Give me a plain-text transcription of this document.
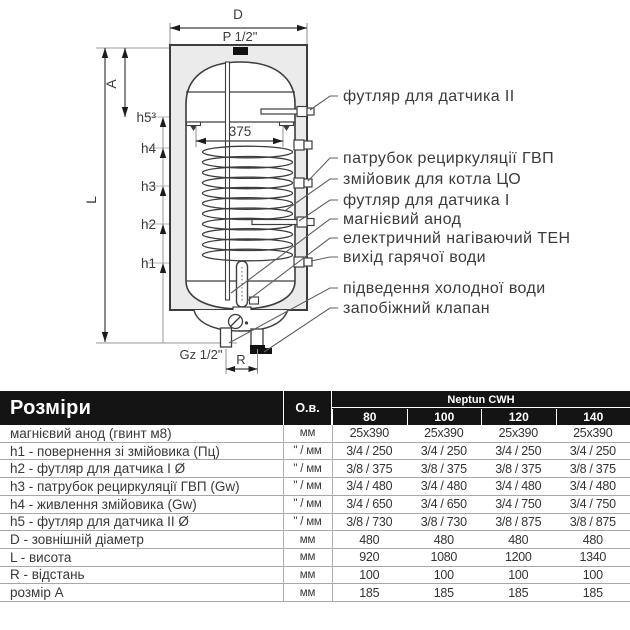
D
P 1/2"
L
A
h5³
h4
h3
h2
h1
375
Gz 1/2" R
футляр для датчика II
патрубок рециркуляції ГВП
змійовик для котла ЦО
футляр для датчика I
магнієвий анод
електричний нагіваючий ТЕН
вихід гарячої води
підведення холодної води
запобіжний клапан
Розміри	О.в.
Neptun CWH
80	100	120	140
магнієвий анод (гвинт м8)	мм	25x390	25x390	25x390	25x390
h1 - повернення зі змійовика (Пц)	" / мм	3/4 / 250	3/4 / 250	3/4 / 250	3/4 / 250
h2 - футляр для датчика I Ø	" / мм	3/8 / 375	3/8 / 375	3/8 / 375	3/8 / 375
h3 - патрубок рециркуляції ГВП (Gw)	" / мм	3/4 / 480	3/4 / 480	3/4 / 480	3/4 / 480
h4 - живлення змійовика (Gw)	" / мм	3/4 / 650	3/4 / 650	3/4 / 750	3/4 / 750
h5 - футляр для датчика II Ø	" / мм	3/8 / 730	3/8 / 730	3/8 / 875	3/8 / 875
D - зовнішній діаметр	мм	480	480	480	480
L - висота	мм	920	1080	1200	1340
R - відстань	мм	100	100	100	100
розмір A	мм	185	185	185	185
